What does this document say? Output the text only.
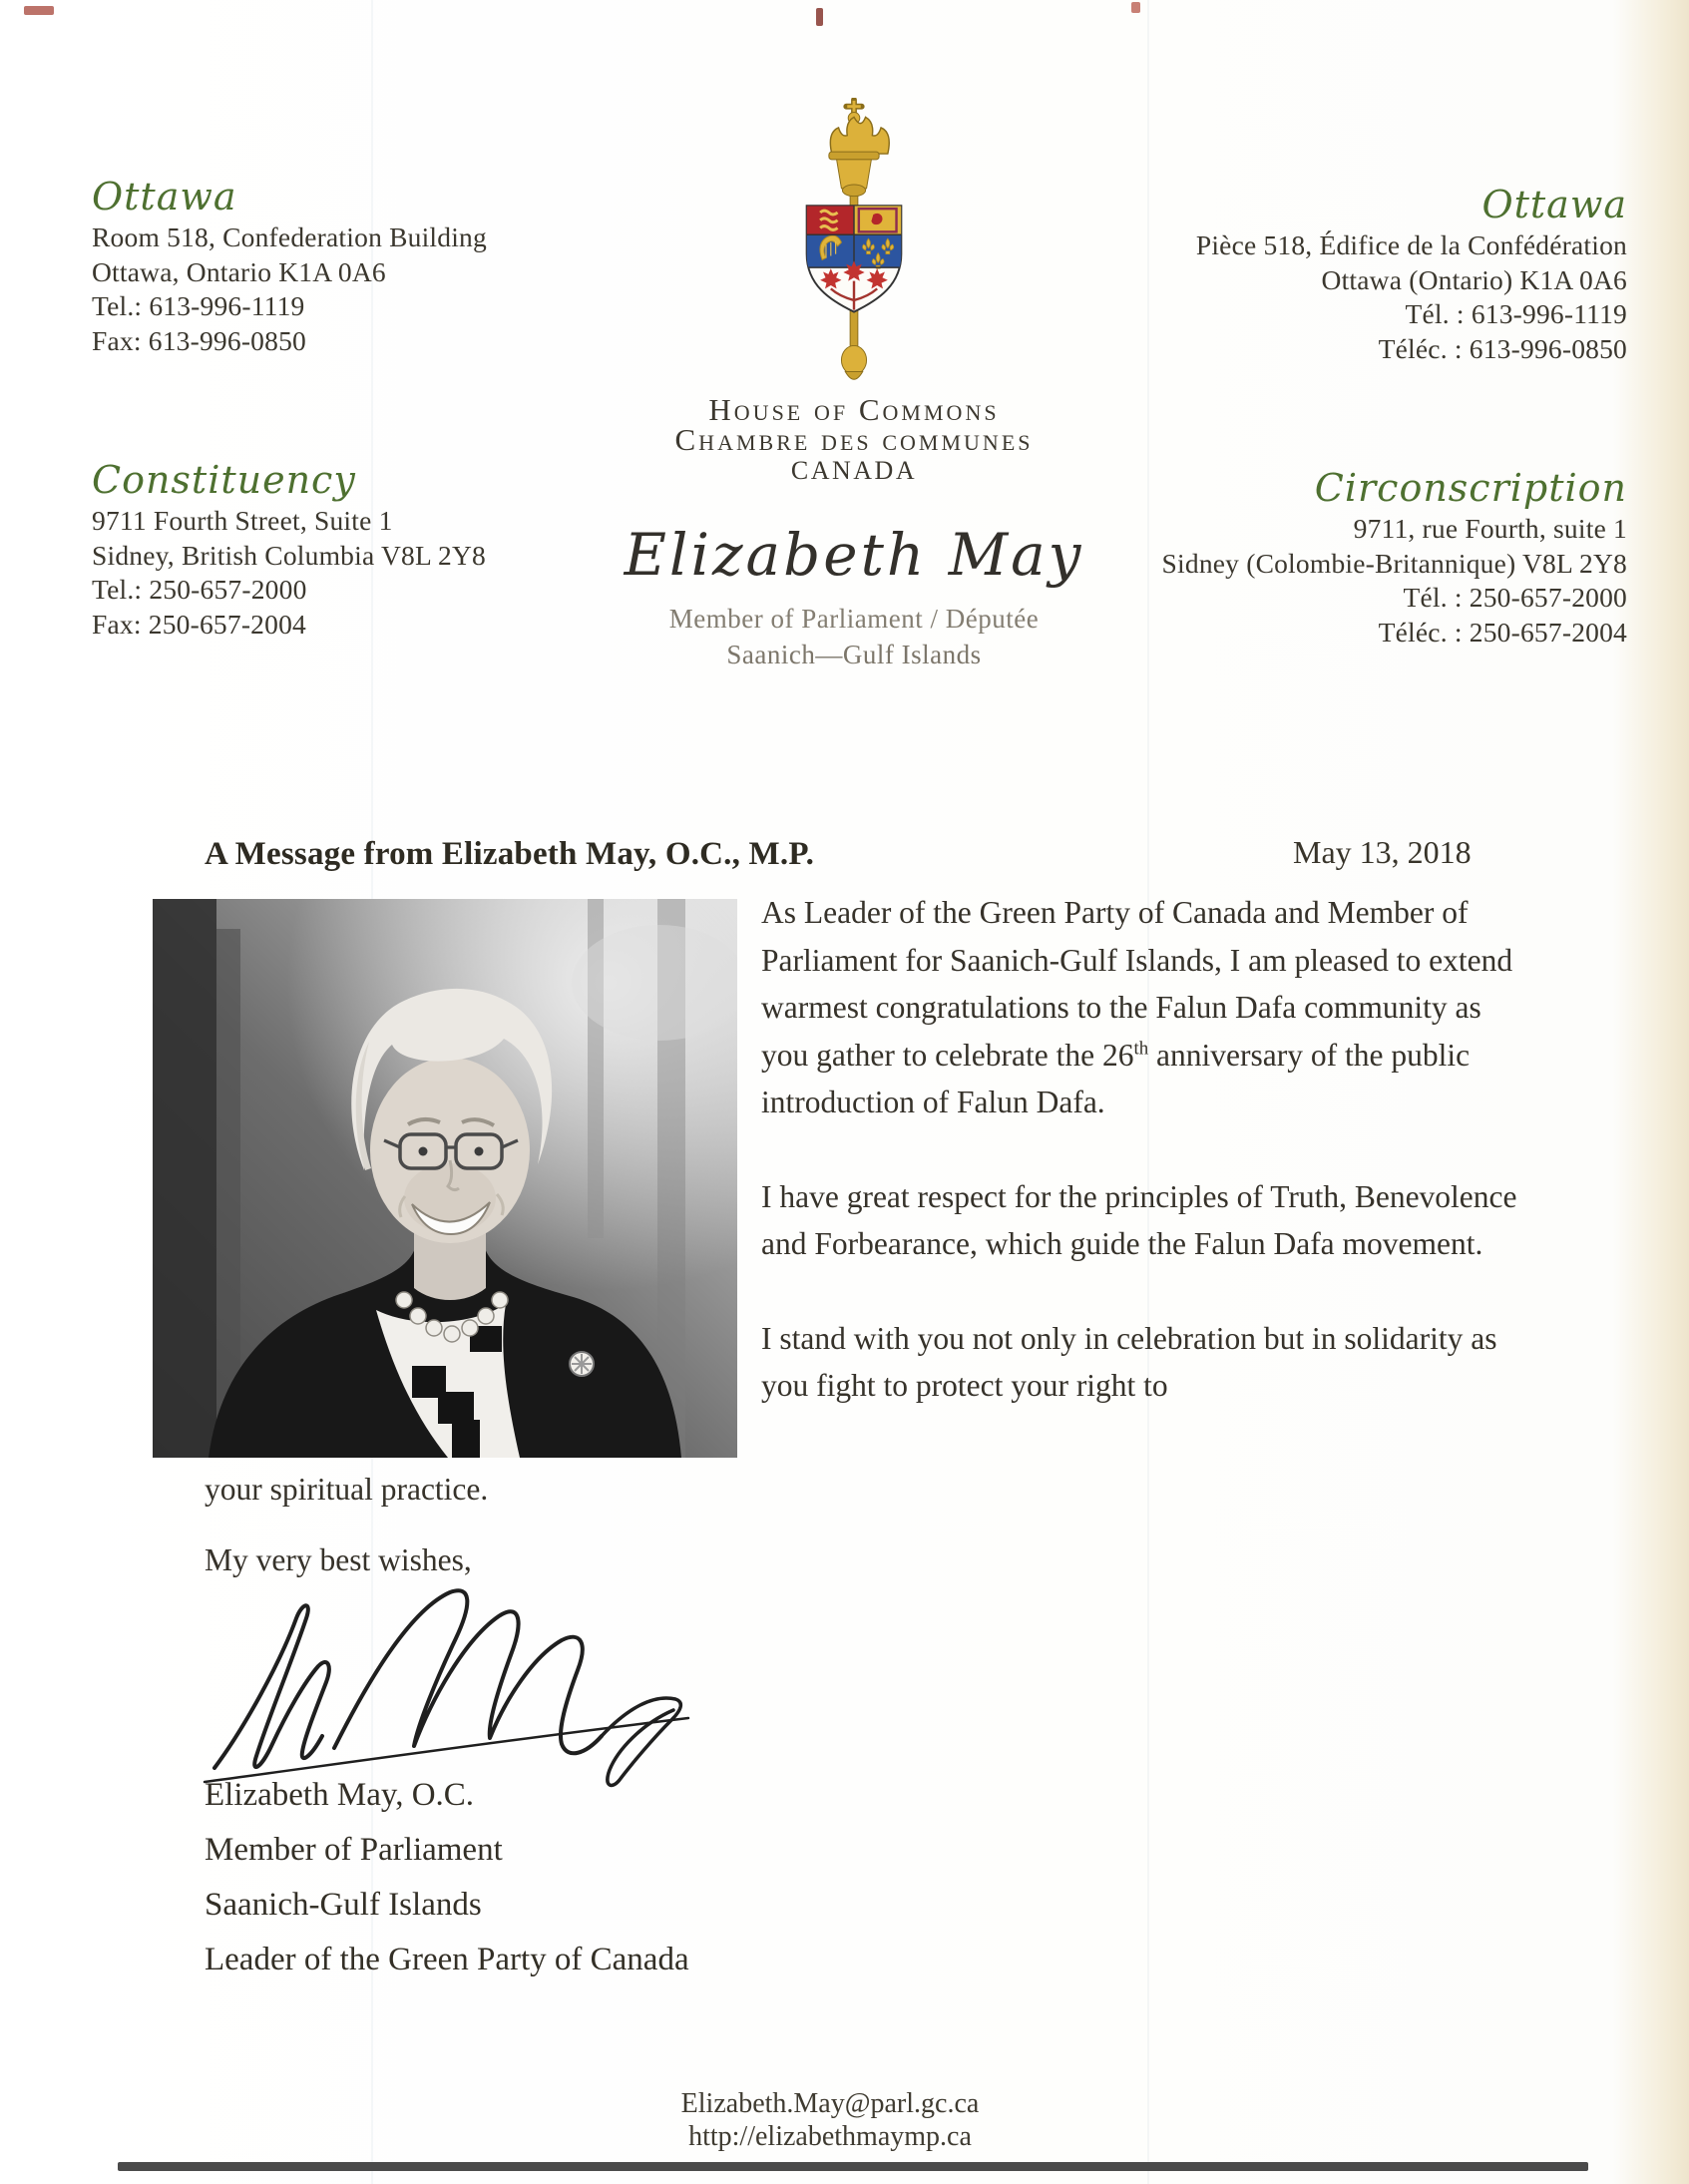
Ottawa
Room 518, Confederation Building
Ottawa, Ontario K1A 0A6
Tel.: 613-996-1119
Fax: 613-996-0850
Constituency
9711 Fourth Street, Suite 1
Sidney, British Columbia V8L 2Y8
Tel.: 250-657-2000
Fax: 250-657-2004
Ottawa
Pièce 518, Édifice de la Confédération
Ottawa (Ontario) K1A 0A6
Tél. : 613-996-1119
Téléc. : 613-996-0850
Circonscription
9711, rue Fourth, suite 1
Sidney (Colombie-Britannique) V8L 2Y8
Tél. : 250-657-2000
Téléc. : 250-657-2004
House of Commons
Chambre des communes
CANADA
Elizabeth May
Member of Parliament / Députée
Saanich—Gulf Islands
A Message from Elizabeth May, O.C., M.P.	May 13, 2018

As Leader of the Green Party of Canada and Member of Parliament for Saanich-Gulf Islands, I am pleased to extend warmest congratulations to the Falun Dafa community as you gather to celebrate the 26th anniversary of the public introduction of Falun Dafa.

I have great respect for the principles of Truth, Benevolence and Forbearance, which guide the Falun Dafa movement.

I stand with you not only in celebration but in solidarity as you fight to protect your right to

your spiritual practice.
My very best wishes,
Elizabeth May, O.C.
Member of Parliament
Saanich-Gulf Islands
Leader of the Green Party of Canada
Elizabeth.May@parl.gc.ca
http://elizabethmaymp.ca
